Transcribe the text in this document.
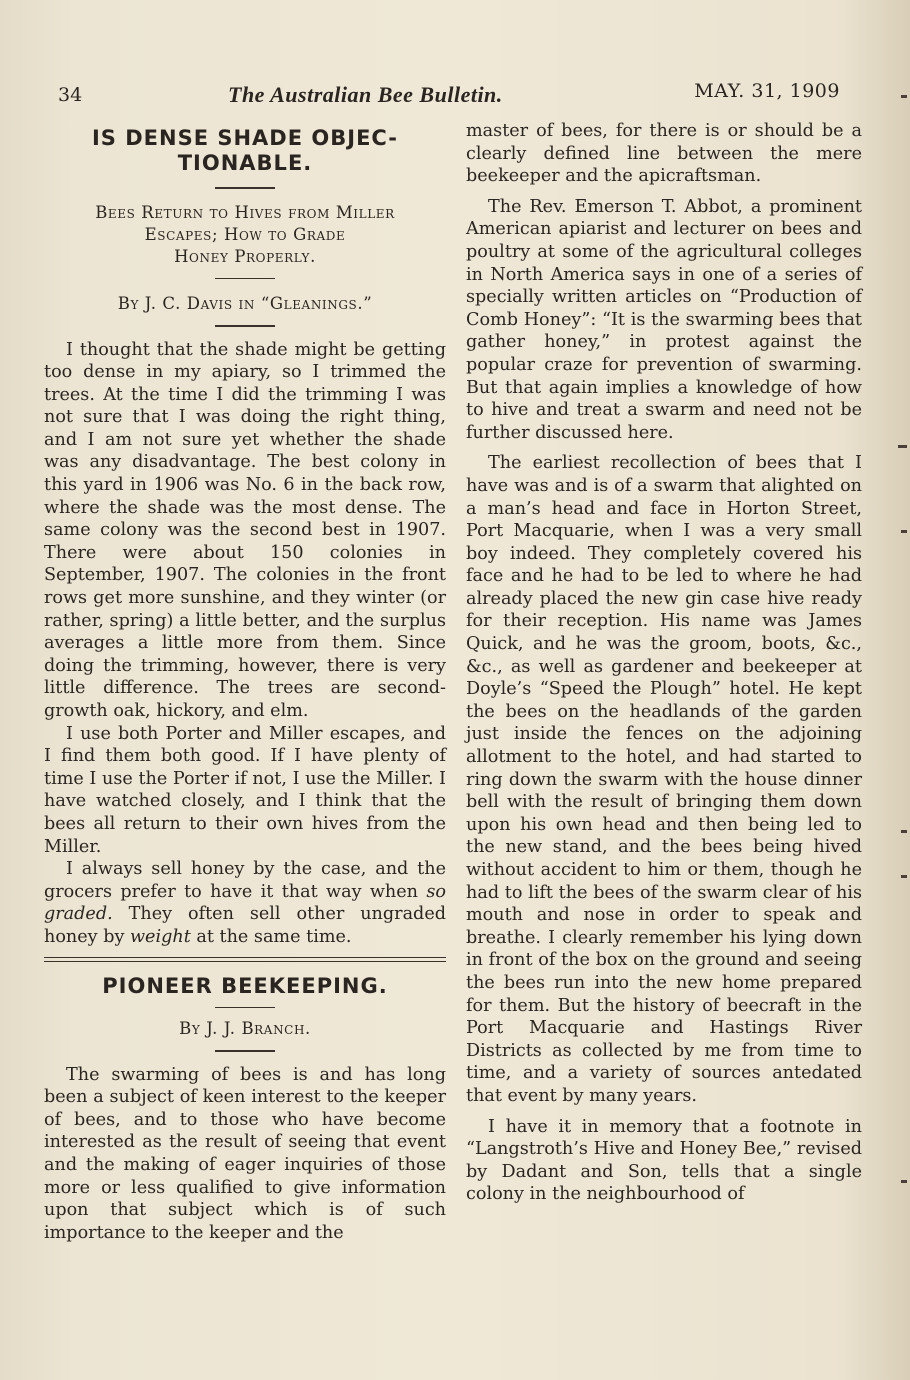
34	The Australian Bee Bulletin.	MAY. 31, 1909

IS DENSE SHADE OBJEC-

TIONABLE.

Bees Return to Hives from Miller

Escapes; How to Grade

Honey Properly.

By J. C. Davis in “Gleanings.”

I thought that the shade might be getting too dense in my apiary, so I trimmed the trees. At the time I did the trimming I was not sure that I was doing the right thing, and I am not sure yet whether the shade was any disadvantage. The best colony in this yard in 1906 was No. 6 in the back row, where the shade was the most dense. The same colony was the second best in 1907. There were about 150 colonies in September, 1907. The colonies in the front rows get more sunshine, and they winter (or rather, spring) a little better, and the surplus averages a little more from them. Since doing the trimming, however, there is very little difference. The trees are second-growth oak, hickory, and elm.

I use both Porter and Miller escapes, and I find them both good. If I have plenty of time I use the Porter if not, I use the Miller. I have watched closely, and I think that the bees all return to their own hives from the Miller.

I always sell honey by the case, and the grocers prefer to have it that way when so graded. They often sell other ungraded honey by weight at the same time.

PIONEER BEEKEEPING.

By J. J. Branch.

The swarming of bees is and has long been a subject of keen interest to the keeper of bees, and to those who have become interested as the result of seeing that event and the making of eager inquiries of those more or less qualified to give information upon that subject which is of such importance to the keeper and the

master of bees, for there is or should be a clearly defined line between the mere beekeeper and the apicraftsman.

The Rev. Emerson T. Abbot, a prominent American apiarist and lecturer on bees and poultry at some of the agricultural colleges in North America says in one of a series of specially written articles on “Production of Comb Honey”: “It is the swarming bees that gather honey,” in protest against the popular craze for prevention of swarming. But that again implies a knowledge of how to hive and treat a swarm and need not be further discussed here.

The earliest recollection of bees that I have was and is of a swarm that alighted on a man’s head and face in Horton Street, Port Macquarie, when I was a very small boy indeed. They completely covered his face and he had to be led to where he had already placed the new gin case hive ready for their reception. His name was James Quick, and he was the groom, boots, &c., &c., as well as gardener and beekeeper at Doyle’s “Speed the Plough” hotel. He kept the bees on the headlands of the garden just inside the fences on the adjoining allotment to the hotel, and had started to ring down the swarm with the house dinner bell with the result of bringing them down upon his own head and then being led to the new stand, and the bees being hived without accident to him or them, though he had to lift the bees of the swarm clear of his mouth and nose in order to speak and breathe. I clearly remember his lying down in front of the box on the ground and seeing the bees run into the new home prepared for them. But the history of beecraft in the Port Macquarie and Hastings River Districts as collected by me from time to time, and a variety of sources antedated that event by many years.

I have it in memory that a footnote in “Langstroth’s Hive and Honey Bee,” revised by Dadant and Son, tells that a single colony in the neighbourhood of
